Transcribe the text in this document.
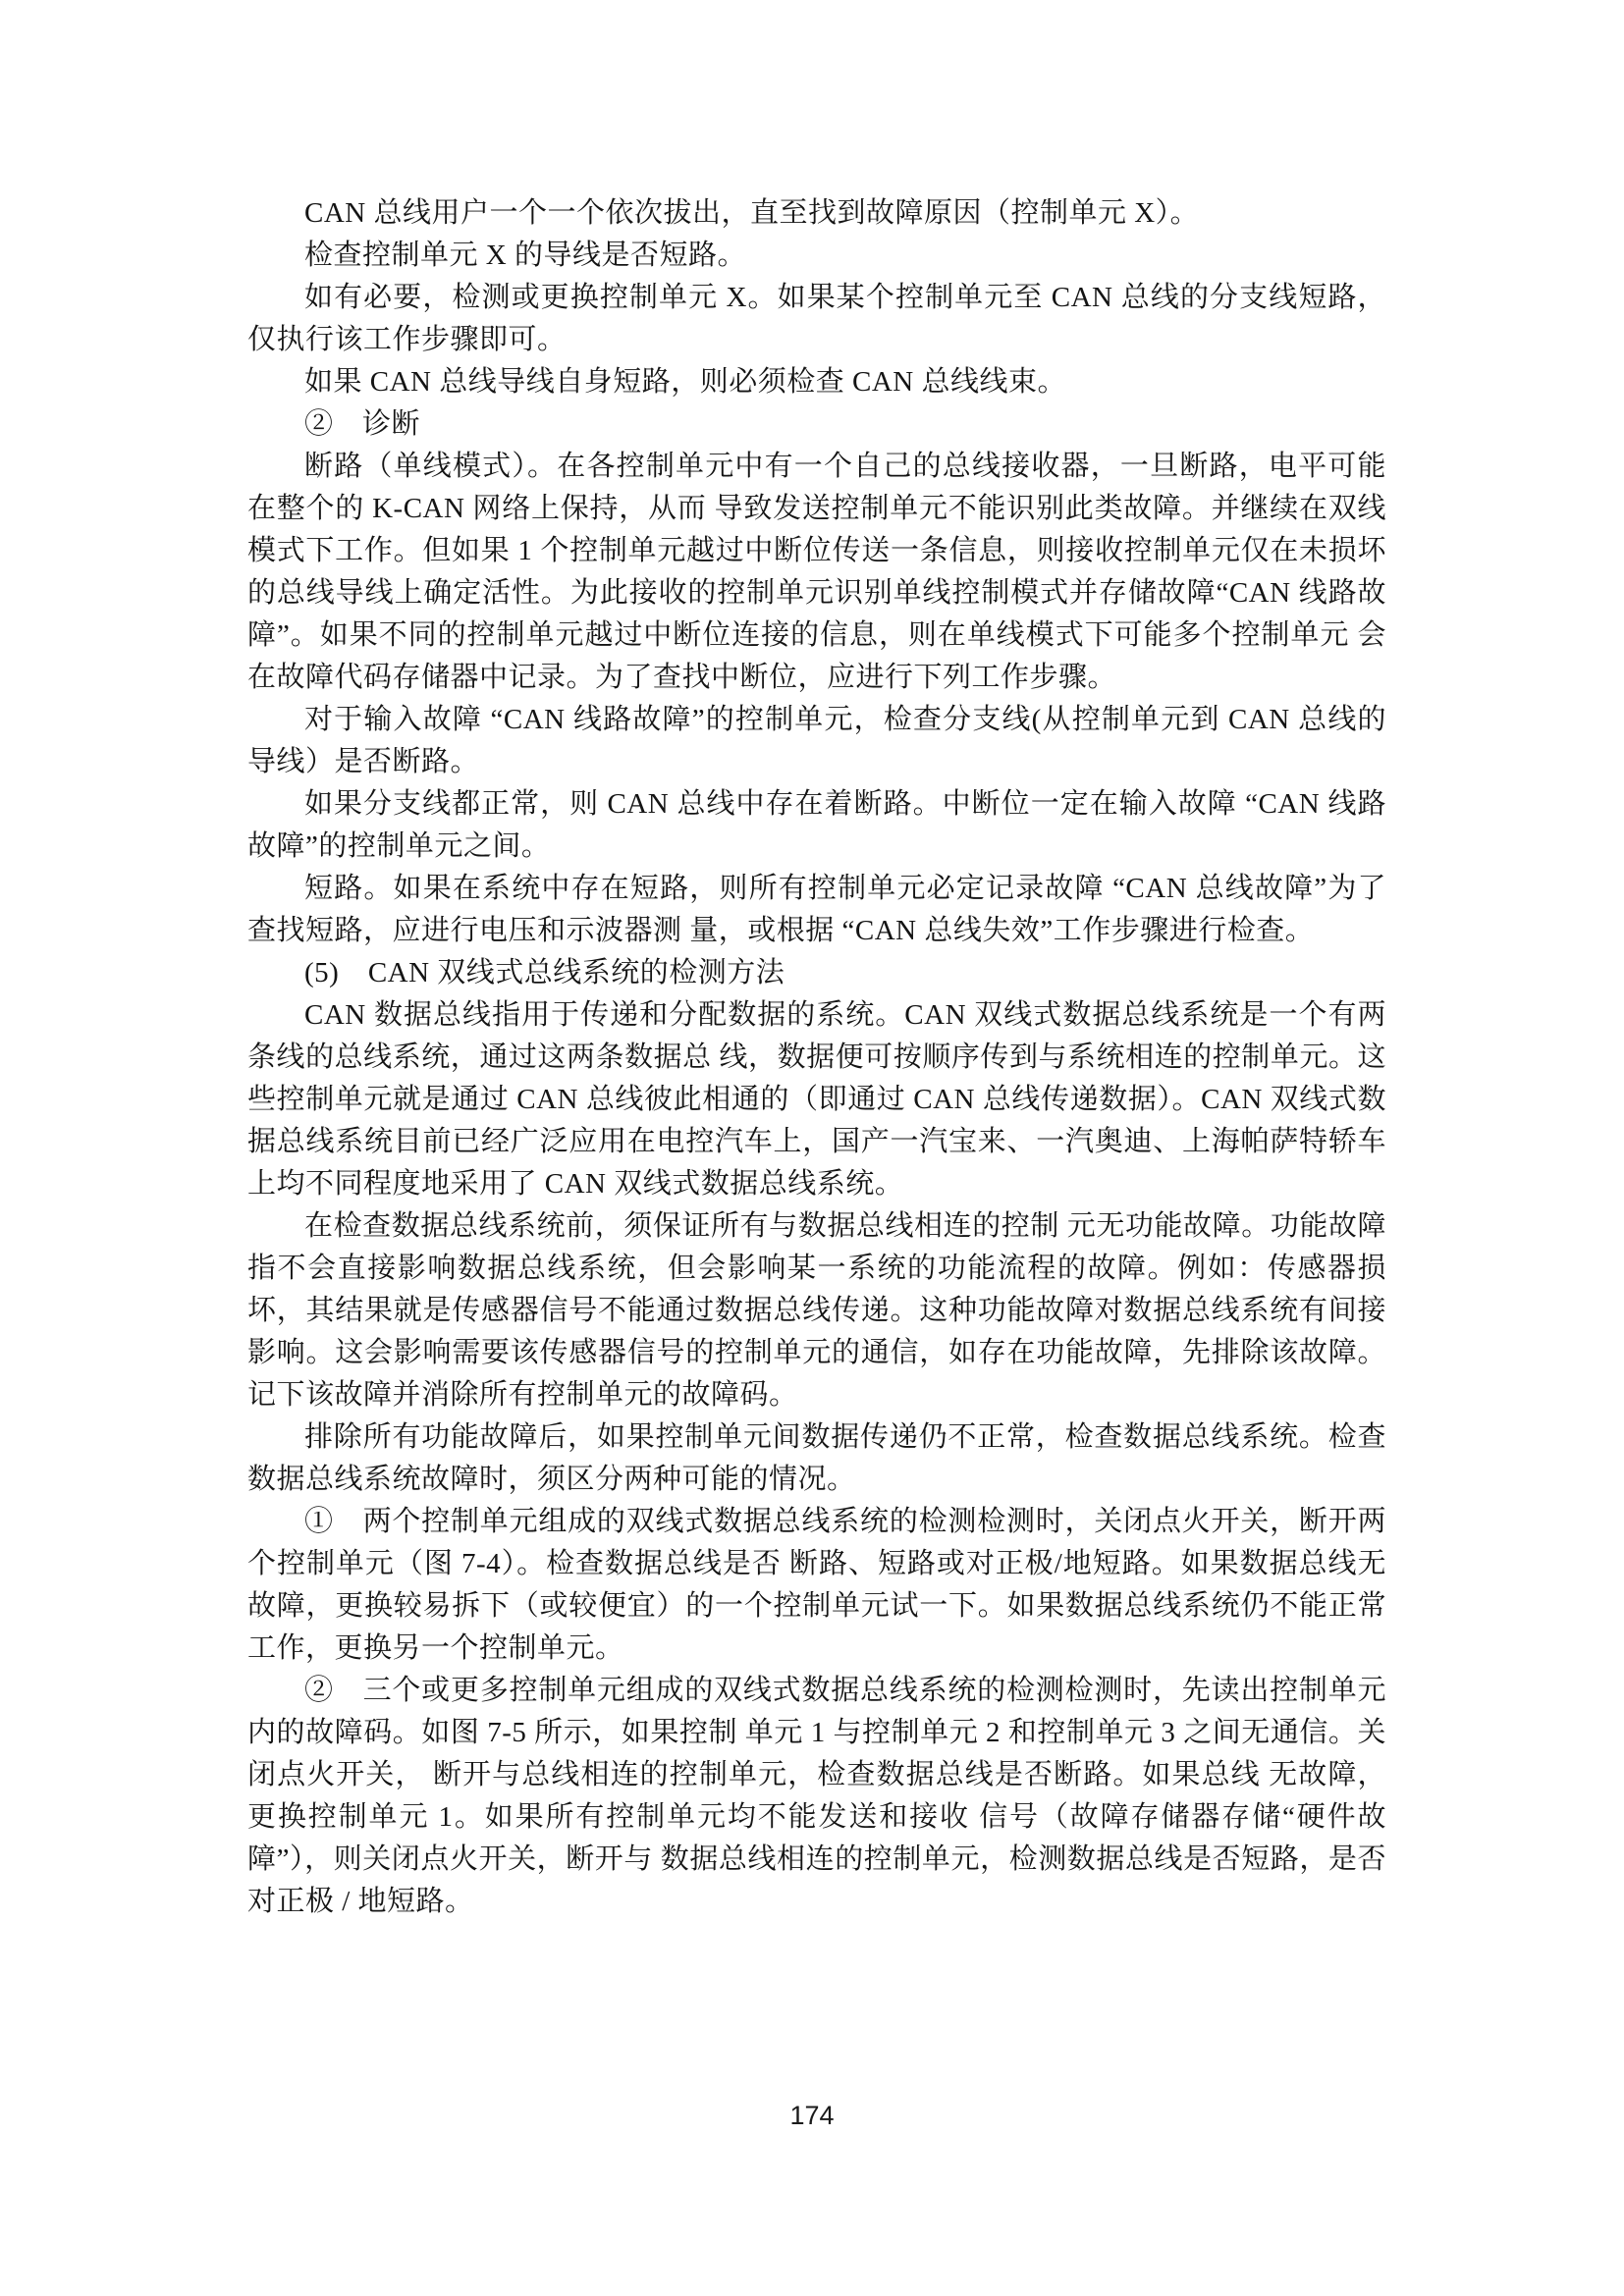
CAN 总线用户一个一个依次拔出，直至找到故障原因（控制单元 X）。

检查控制单元 X 的导线是否短路。

如有必要，检测或更换控制单元 X。如果某个控制单元至 CAN 总线的分支线短路，仅执行该工作步骤即可。

如果 CAN 总线导线自身短路，则必须检查 CAN 总线线束。

②　诊断

断路（单线模式）。在各控制单元中有一个自己的总线接收器，一旦断路，电平可能在整个的 K-CAN 网络上保持，从而 导致发送控制单元不能识别此类故障。并继续在双线模式下工作。但如果 1 个控制单元越过中断位传送一条信息，则接收控制单元仅在未损坏的总线导线上确定活性。为此接收的控制单元识别单线控制模式并存储故障“CAN 线路故障”。如果不同的控制单元越过中断位连接的信息，则在单线模式下可能多个控制单元 会在故障代码存储器中记录。为了查找中断位，应进行下列工作步骤。

对于输入故障 “CAN 线路故障”的控制单元，检查分支线(从控制单元到 CAN 总线的导线）是否断路。

如果分支线都正常，则 CAN 总线中存在着断路。中断位一定在输入故障 “CAN 线路故障”的控制单元之间。

短路。如果在系统中存在短路，则所有控制单元必定记录故障 “CAN 总线故障”为了查找短路，应进行电压和示波器测 量，或根据 “CAN 总线失效”工作步骤进行检查。

(5)　CAN 双线式总线系统的检测方法

CAN 数据总线指用于传递和分配数据的系统。CAN 双线式数据总线系统是一个有两条线的总线系统，通过这两条数据总 线，数据便可按顺序传到与系统相连的控制单元。这些控制单元就是通过 CAN 总线彼此相通的（即通过 CAN 总线传递数据）。CAN 双线式数据总线系统目前已经广泛应用在电控汽车上，国产一汽宝来、一汽奥迪、上海帕萨特轿车上均不同程度地采用了 CAN 双线式数据总线系统。

在检查数据总线系统前，须保证所有与数据总线相连的控制 元无功能故障。功能故障指不会直接影响数据总线系统，但会影响某一系统的功能流程的故障。例如：传感器损坏，其结果就是传感器信号不能通过数据总线传递。这种功能故障对数据总线系统有间接影响。这会影响需要该传感器信号的控制单元的通信，如存在功能故障，先排除该故障。记下该故障并消除所有控制单元的故障码。

排除所有功能故障后，如果控制单元间数据传递仍不正常，检查数据总线系统。检查数据总线系统故障时，须区分两种可能的情况。

①　两个控制单元组成的双线式数据总线系统的检测检测时，关闭点火开关，断开两个控制单元（图 7-4）。检查数据总线是否 断路、短路或对正极/地短路。如果数据总线无故障，更换较易拆下（或较便宜）的一个控制单元试一下。如果数据总线系统仍不能正常工作，更换另一个控制单元。

②　三个或更多控制单元组成的双线式数据总线系统的检测检测时，先读出控制单元内的故障码。如图 7-5 所示，如果控制 单元 1 与控制单元 2 和控制单元 3 之间无通信。关闭点火开关， 断开与总线相连的控制单元，检查数据总线是否断路。如果总线 无故障，更换控制单元 1。如果所有控制单元均不能发送和接收 信号（故障存储器存储“硬件故障”），则关闭点火开关，断开与 数据总线相连的控制单元，检测数据总线是否短路，是否对正极 / 地短路。

174
